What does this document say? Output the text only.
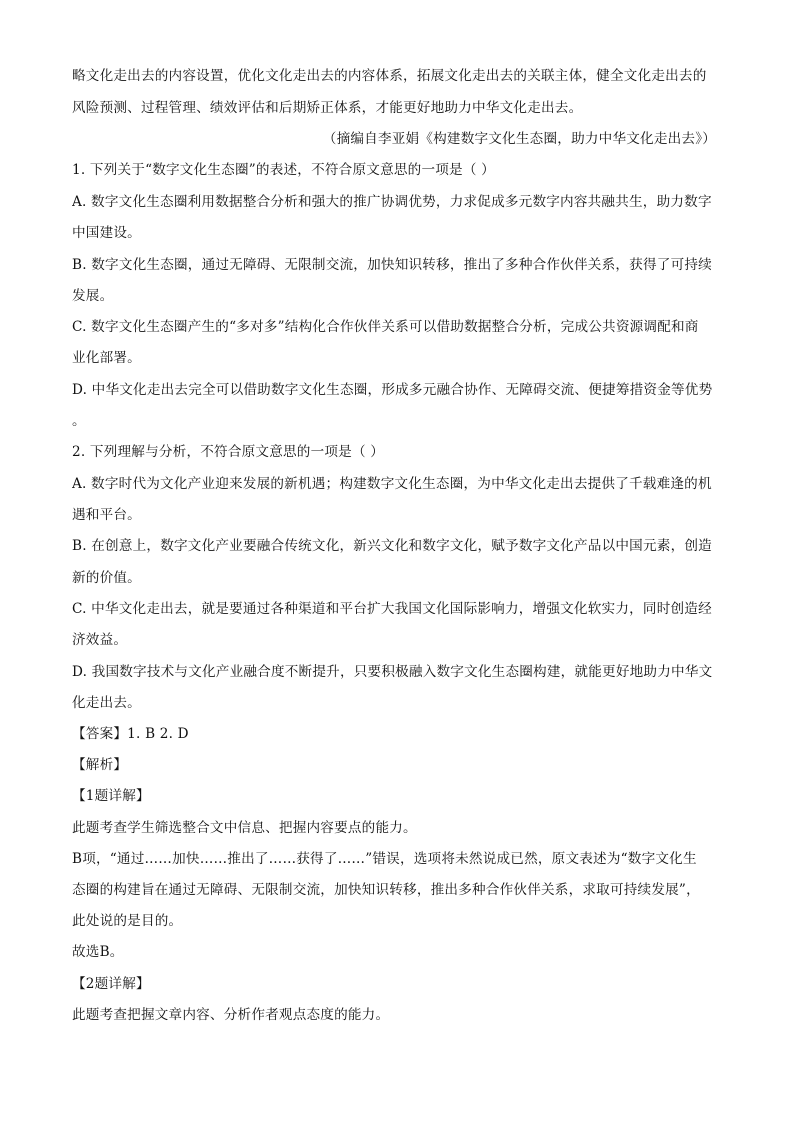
略文化走出去的内容设置，优化文化走出去的内容体系，拓展文化走出去的关联主体，健全文化走出去的
风险预测、过程管理、绩效评估和后期矫正体系，才能更好地助力中华文化走出去。
（摘编自李亚娟《构建数字文化生态圈，助力中华文化走出去》）
1. 下列关于“数字文化生态圈”的表述，不符合原文意思的一项是（ ）
A. 数字文化生态圈利用数据整合分析和强大的推广协调优势，力求促成多元数字内容共融共生，助力数字
中国建设。
B. 数字文化生态圈，通过无障碍、无限制交流，加快知识转移，推出了多种合作伙伴关系，获得了可持续
发展。
C. 数字文化生态圈产生的“多对多”结构化合作伙伴关系可以借助数据整合分析，完成公共资源调配和商
业化部署。
D. 中华文化走出去完全可以借助数字文化生态圈，形成多元融合协作、无障碍交流、便捷筹措资金等优势
。
2. 下列理解与分析，不符合原文意思的一项是（ ）
A. 数字时代为文化产业迎来发展的新机遇；构建数字文化生态圈，为中华文化走出去提供了千载难逢的机
遇和平台。
B. 在创意上，数字文化产业要融合传统文化，新兴文化和数字文化，赋予数字文化产品以中国元素，创造
新的价值。
C. 中华文化走出去，就是要通过各种渠道和平台扩大我国文化国际影响力，增强文化软实力，同时创造经
济效益。
D. 我国数字技术与文化产业融合度不断提升，只要积极融入数字文化生态圈构建，就能更好地助力中华文
化走出去。
【答案】1. B 2. D
【解析】
【1题详解】
此题考查学生筛选整合文中信息、把握内容要点的能力。
B项，“通过……加快……推出了……获得了……”错误，选项将未然说成已然，原文表述为“数字文化生
态圈的构建旨在通过无障碍、无限制交流，加快知识转移，推出多种合作伙伴关系，求取可持续发展”，
此处说的是目的。
故选B。
【2题详解】
此题考查把握文章内容、分析作者观点态度的能力。
